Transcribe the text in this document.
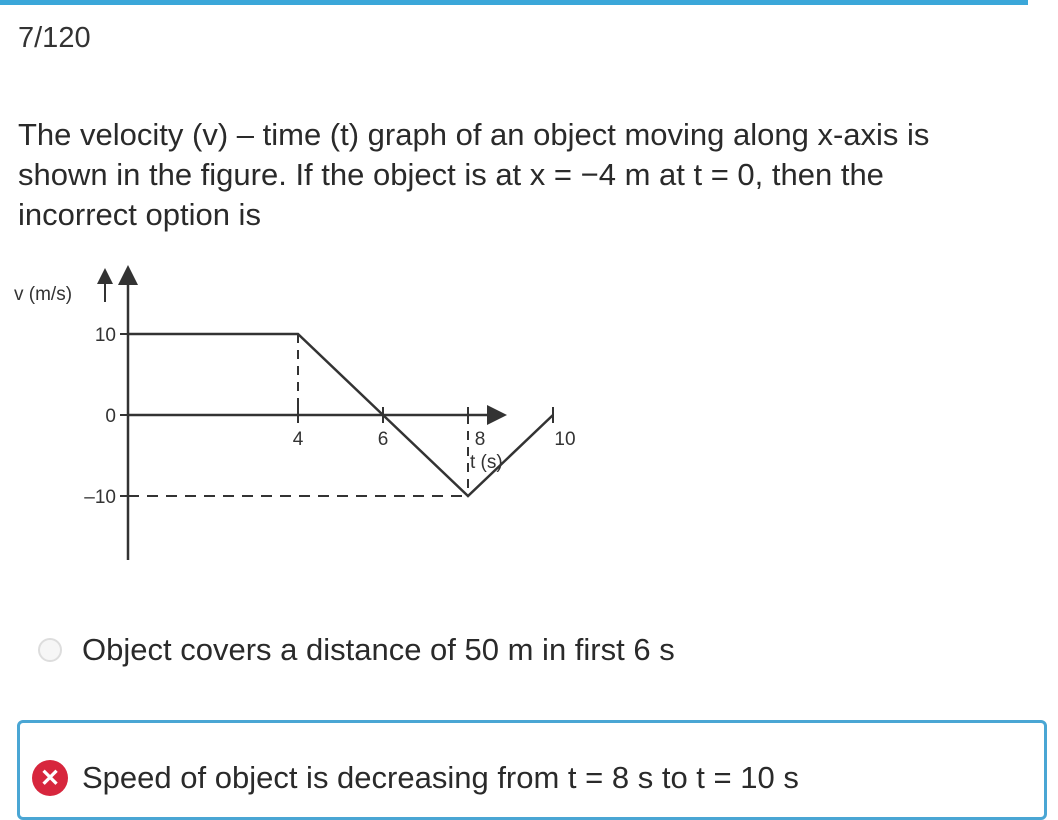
7/120
The velocity (v) – time (t) graph of an object moving along x-axis is
shown in the figure. If the object is at x = −4 m at t = 0, then the
incorrect option is
v (m/s)
t (s)
10
0
–10
4	6	8	10
Object covers a distance of 50 m in first 6 s
✕ Speed of object is decreasing from t = 8 s to t = 10 s
